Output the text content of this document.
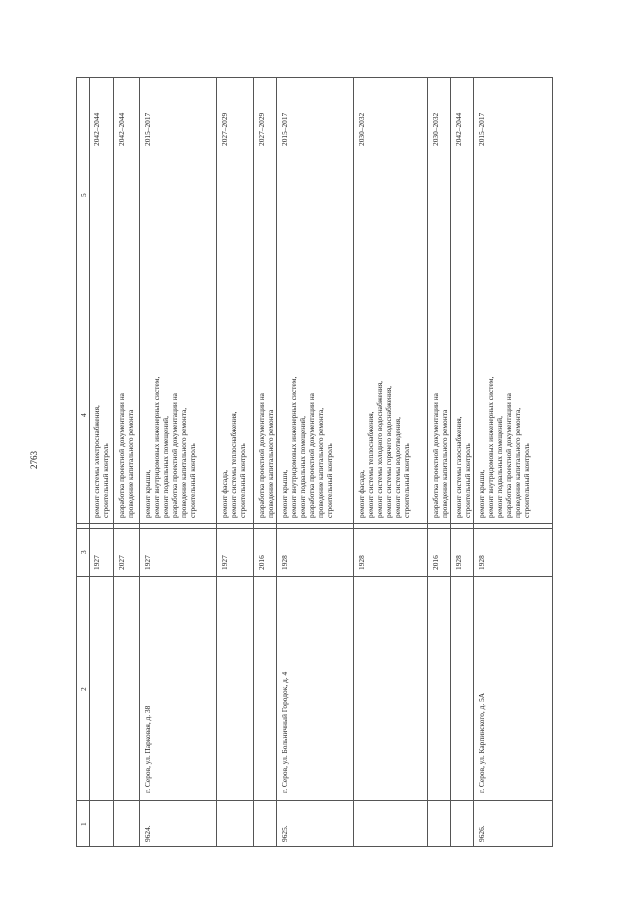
2763
5
4
3
2
1
2042–2044
ремонт системы электроснабжения, строительный контроль
1927
2042–2044
разработка проектной документации на проведение капитального ремонта
2027
г. Серов, ул. Парковая, д. 38
9624.
2015–2017
ремонт крыши, ремонт внутридомовых инженерных систем, ремонт подвальных помещений, разработка проектной документации на проведение капитального ремонта, строительный контроль
1927
2027–2029
ремонт фасада, ремонт системы теплоснабжения, строительный контроль
1927
2027–2029
разработка проектной документации на проведение капитального ремонта
2016
2015–2017
ремонт крыши, ремонт внутридомовых инженерных систем, ремонт подвальных помещений, разработка проектной документации на проведение капитального ремонта, строительный контроль
1928
г. Серов, ул. Больничный Городок, д. 4
9625.
2030–2032
ремонт фасада, ремонт системы теплоснабжения, ремонт системы холодного водоснабжения, ремонт системы горячего водоснабжения, ремонт системы водоотведения, строительный контроль
1928
2030–2032
разработка проектной документации на проведение капитального ремонта
2016
2042–2044
ремонт системы газоснабжения, строительный контроль
1928
2015–2017
ремонт крыши, ремонт внутридомовых инженерных систем, ремонт подвальных помещений, разработка проектной документации на проведение капитального ремонта, строительный контроль
1928
г. Серов, ул. Карпинского, д. 5А
9626.
